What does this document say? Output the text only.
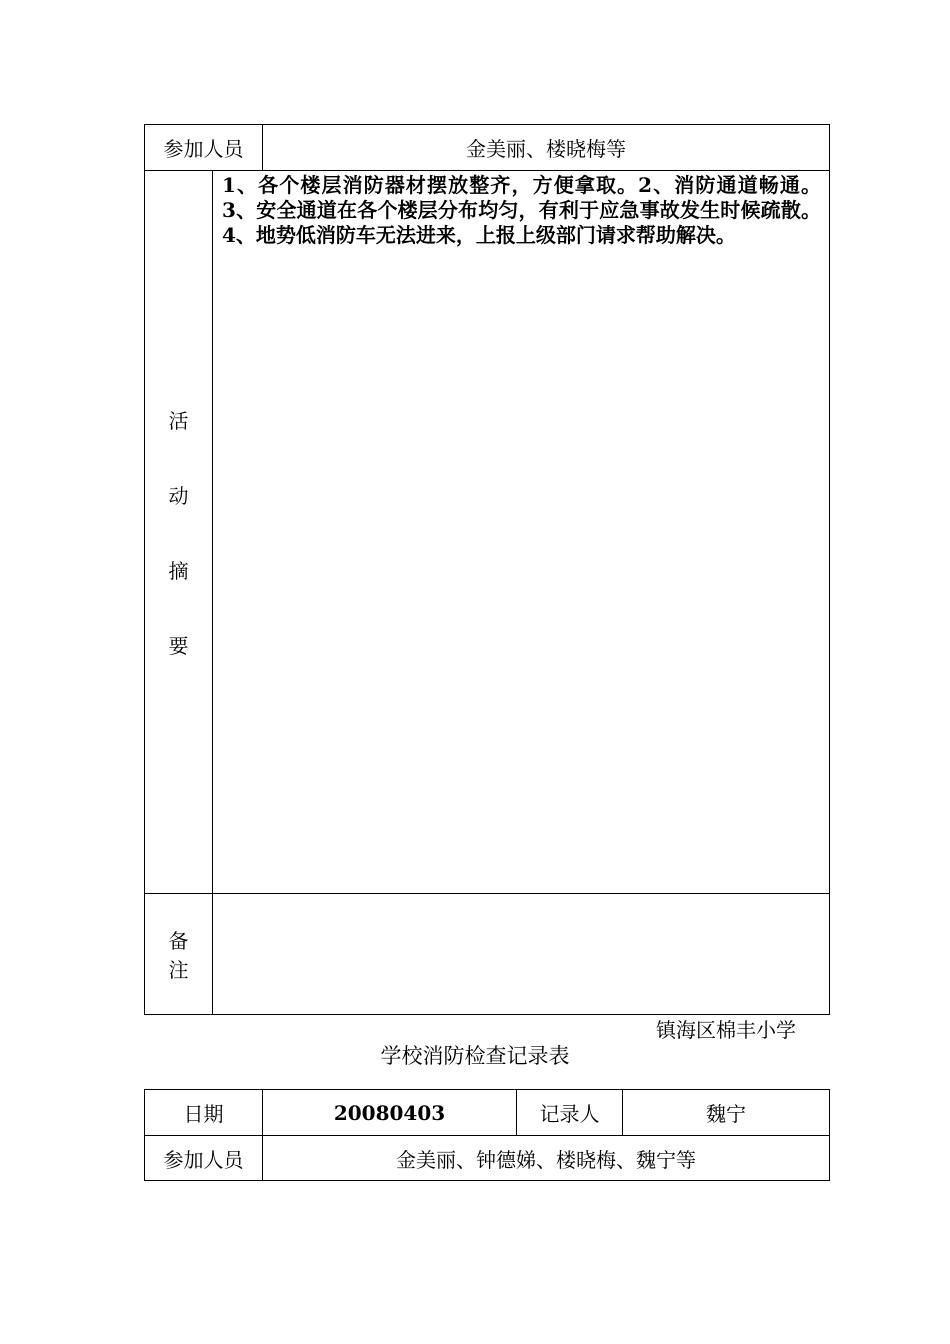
参加人员		金美丽、楼晓梅等

活
动
摘
要	1、各个楼层消防器材摆放整齐，方便拿取。2、消防通道畅通。3、安全通道在各个楼层分布均匀，有利于应急事故发生时候疏散。4、地势低消防车无法进来，上报上级部门请求帮助解决。	

备
注		

镇海区棉丰小学
学校消防检查记录表
日期	20080403	记录人	魏宁
参加人员	金美丽、钟德娣、楼晓梅、魏宁等		
